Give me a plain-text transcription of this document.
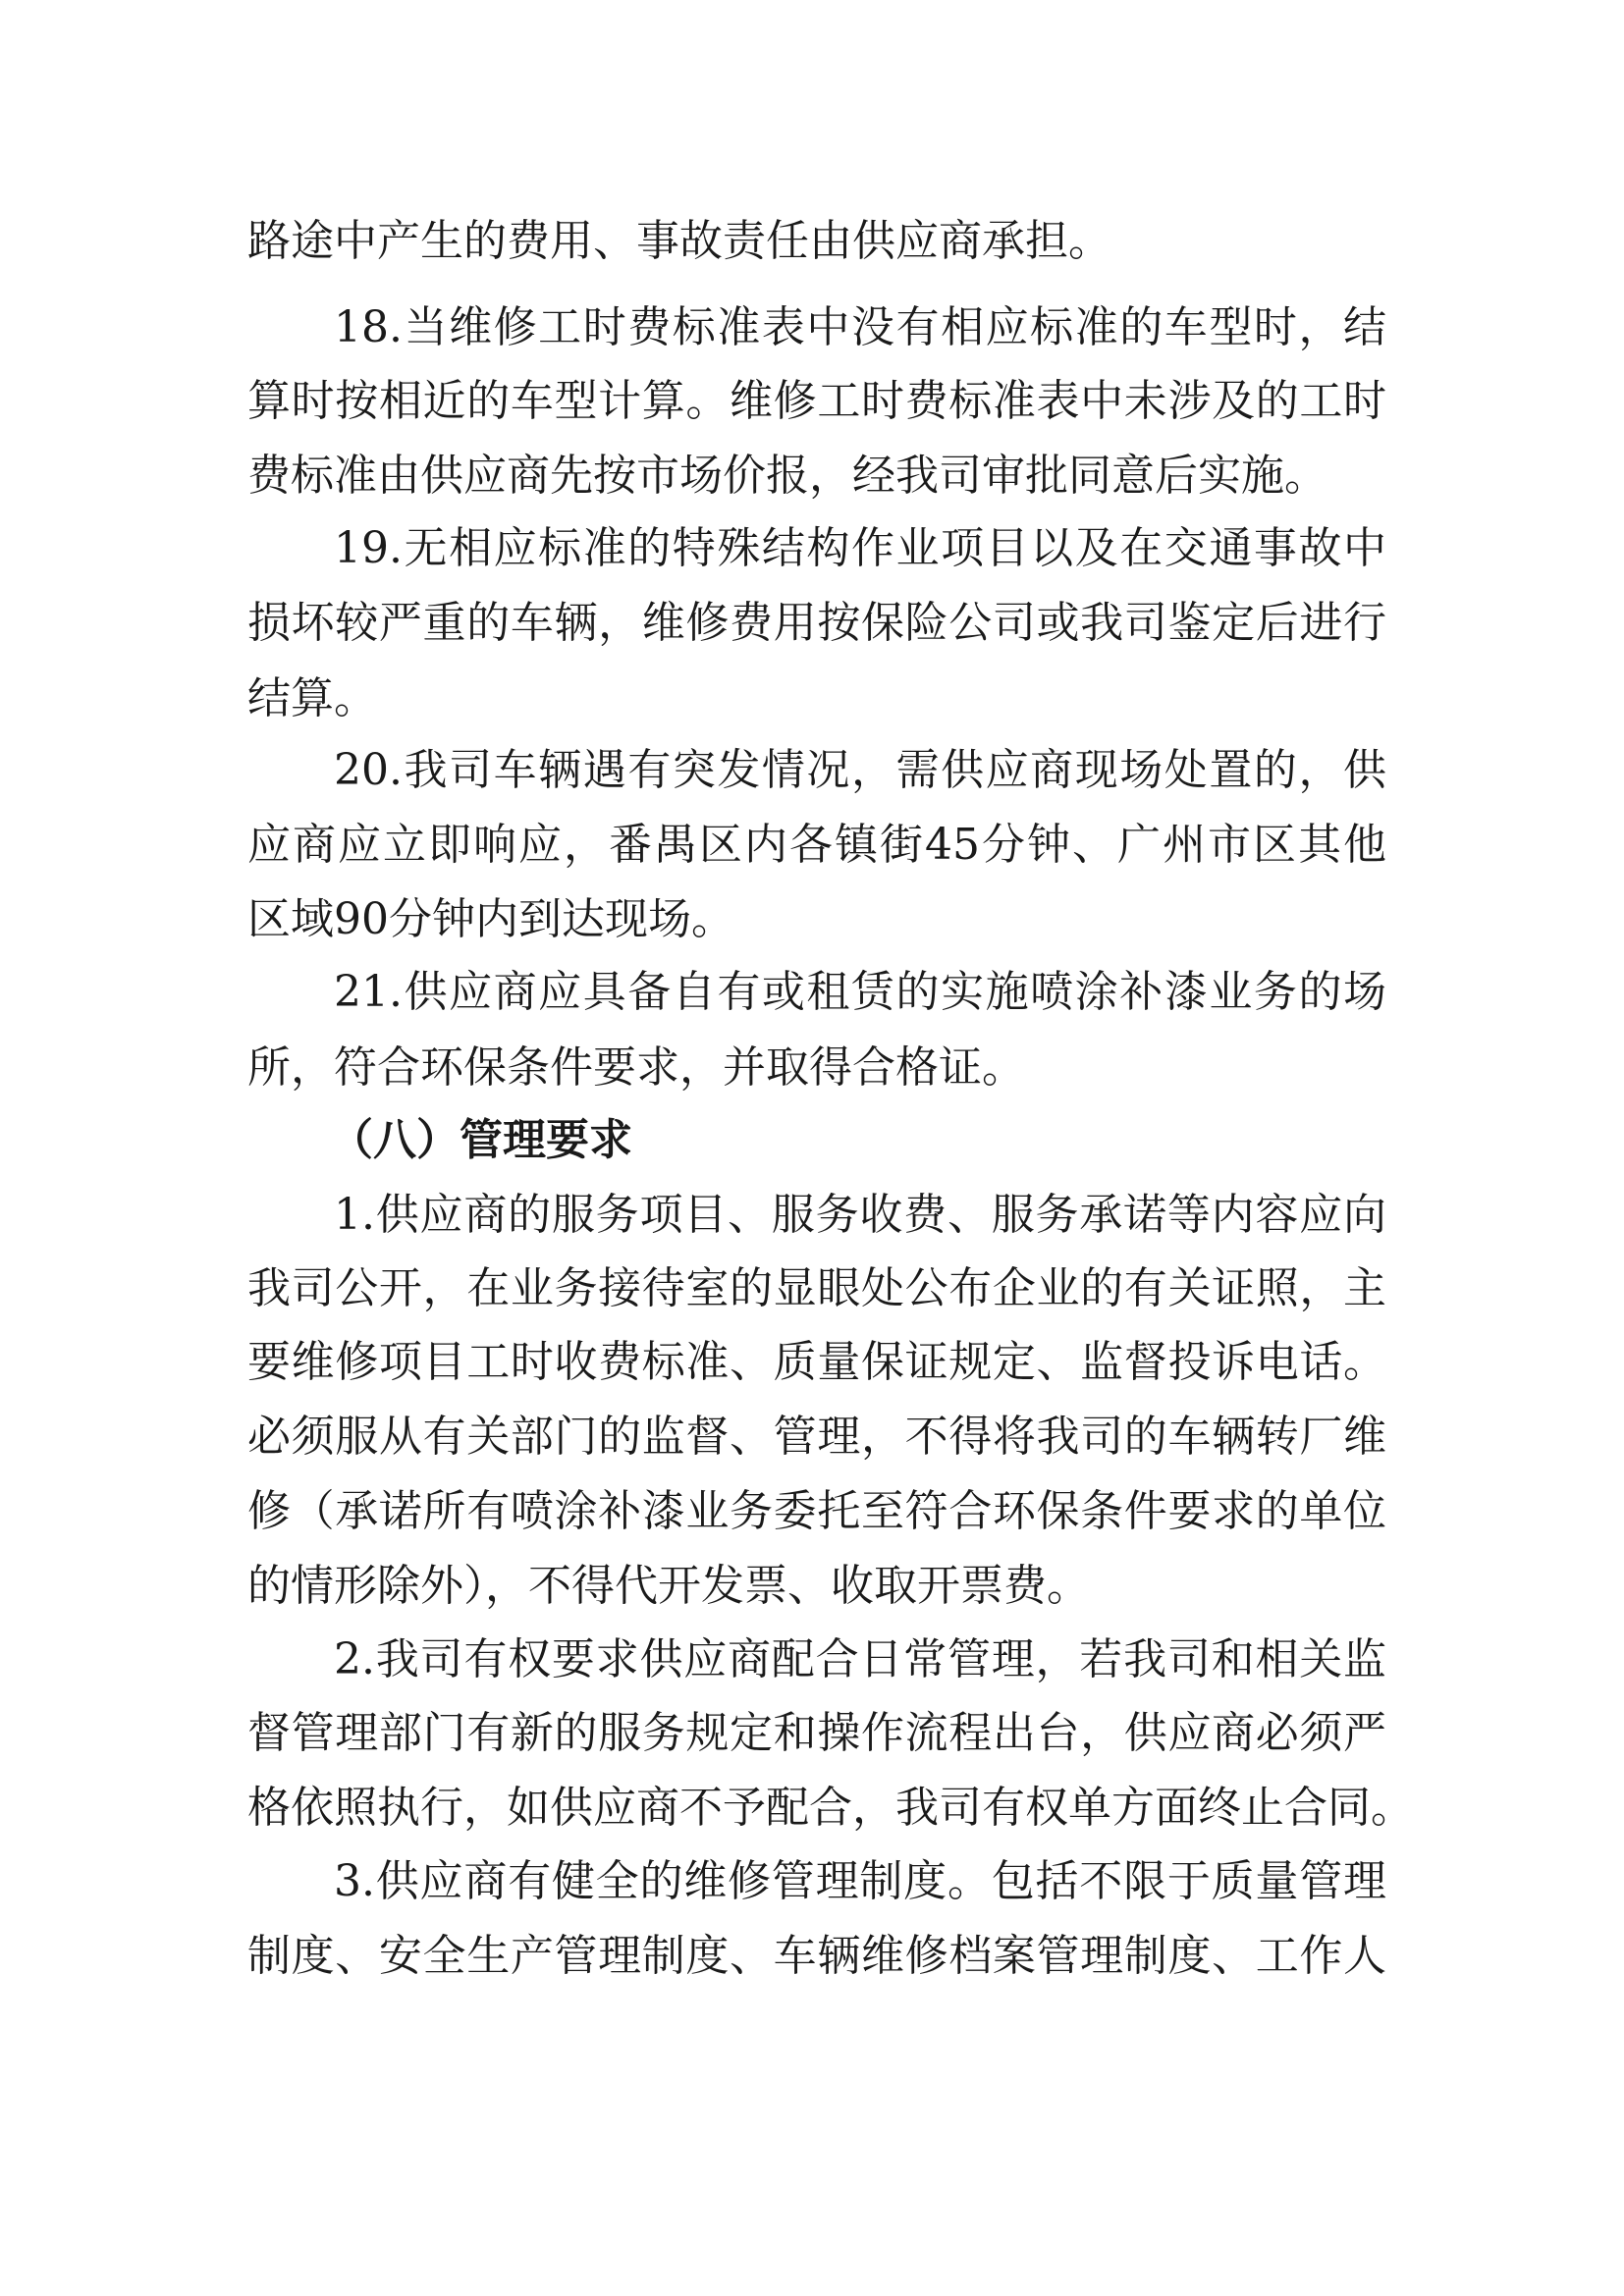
路途中产生的费用、事故责任由供应商承担。
18.当维修工时费标准表中没有相应标准的车型时，结
算时按相近的车型计算。维修工时费标准表中未涉及的工时
费标准由供应商先按市场价报，经我司审批同意后实施。
19.无相应标准的特殊结构作业项目以及在交通事故中
损坏较严重的车辆，维修费用按保险公司或我司鉴定后进行
结算。
20.我司车辆遇有突发情况，需供应商现场处置的，供
应商应立即响应，番禺区内各镇街45分钟、广州市区其他
区域90分钟内到达现场。
21.供应商应具备自有或租赁的实施喷涂补漆业务的场
所，符合环保条件要求，并取得合格证。
（八）管理要求
1.供应商的服务项目、服务收费、服务承诺等内容应向
我司公开，在业务接待室的显眼处公布企业的有关证照，主
要维修项目工时收费标准、质量保证规定、监督投诉电话。
必须服从有关部门的监督、管理，不得将我司的车辆转厂维
修（承诺所有喷涂补漆业务委托至符合环保条件要求的单位
的情形除外），不得代开发票、收取开票费。
2.我司有权要求供应商配合日常管理，若我司和相关监
督管理部门有新的服务规定和操作流程出台，供应商必须严
格依照执行，如供应商不予配合，我司有权单方面终止合同。
3.供应商有健全的维修管理制度。包括不限于质量管理
制度、安全生产管理制度、车辆维修档案管理制度、工作人
